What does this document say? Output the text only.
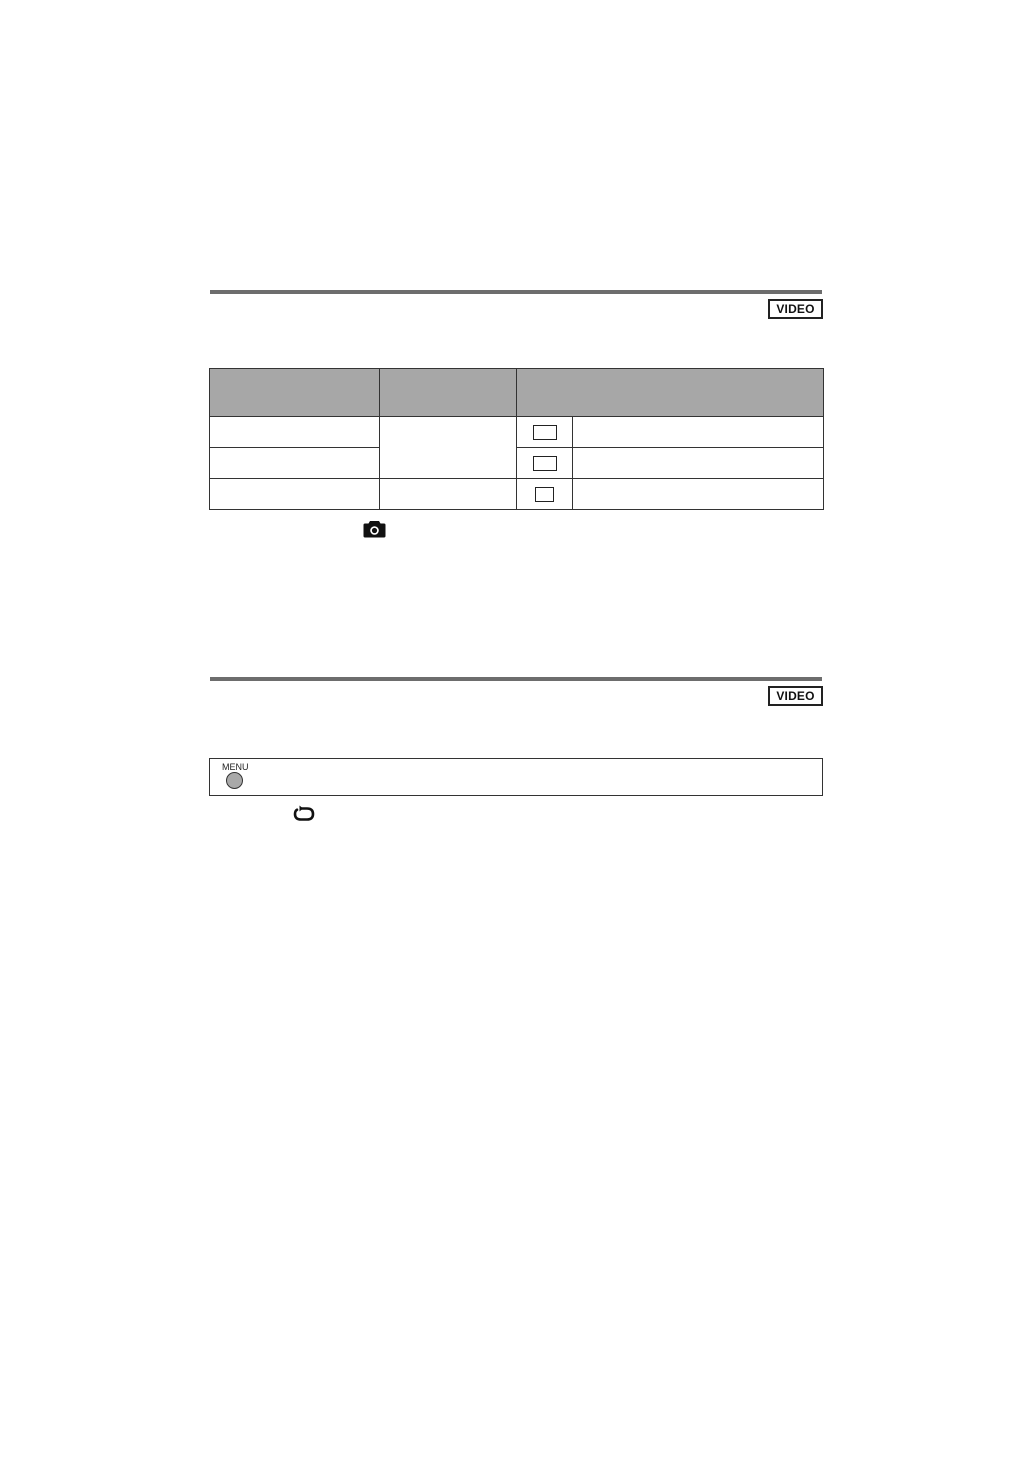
VIDEO

VIDEO
MENU
